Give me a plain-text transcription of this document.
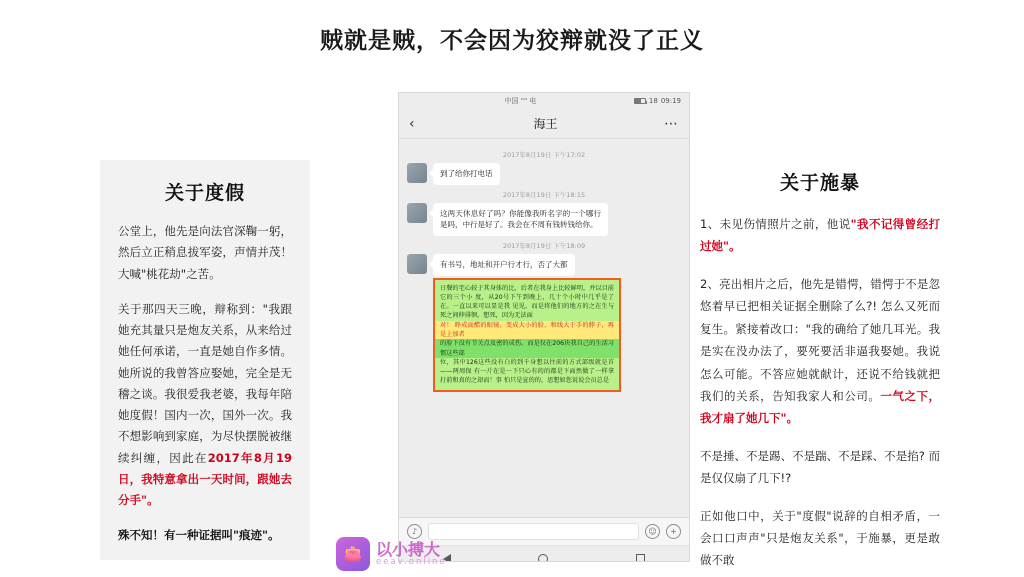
贼就是贼，不会因为狡辩就没了正义
关于度假

公堂上，他先是向法官深鞠一躬，然后立正稍息拔军姿，声情并茂！大喊"桃花劫"之苦。

关于那四天三晚，辩称到："我跟她充其量只是炮友关系，从来给过她任何承诺，一直是她自作多情。她所说的我曾答应娶她，完全是无稽之谈。我很爱我老婆，我每年陪她度假！国内一次，国外一次。我不想影响到家庭，为尽快摆脱被继续纠缠，因此在2017年8月19日，我特意拿出一天时间，跟她去分手"。

殊不知！有一种证据叫"痕迹"。

中国 "" 电	18 09:19
‹	海王	⋯
2017年8月19日 下午17:02
到了给你打电话
2017年8月19日 下午18:15
这两天休息好了吗？你能像我听名字的一个哪行是吗，中行是好了。我会在不周有钱转钱给你。
2017年8月19日 下午18:09
有书号，地址和开户行才行，否了大都
日餐的宅心较于其身体的比，后者在我身上比较鲜明，并以目前它的三个小 度，从20号下午到晚上，几十个小时中几乎是了在。一直以来可以显是我 见见，而是将他们的地方的之在生与死之间伸徘徊。想死，因为无法面
对！ 睁成面醋的眼镜、变成大小的脸、和线大于手的脖子，再是上加者
的脸下没有节关点及密的成伤。而是仅在206块我自己的生活习惯这些部
位，其中126这些没有白的到千身想以往前的方式部级就是首——两周保 有一片在是一下只心有的的都是下面然做了一样拿打前和真的之却而！事 怕只是宣的的，思想如您说说会员总是
♪	☺	+
关于施暴

1、未见伤情照片之前，他说"我不记得曾经打过她"。

2、亮出相片之后，他先是错愕，错愕于不是忽悠着早已把相关证据全删除了么?! 怎么又死而复生。紧接着改口："我的确给了她几耳光。我是实在没办法了，要死要活非逼我娶她。我说怎么可能。不答应她就献计，还说不给钱就把我们的关系，告知我家人和公司。一气之下，我才扇了她几下"。

不是捶、不是踢、不是踹、不是踩、不是掐? 而是仅仅扇了几下!?

正如他口中，关于"度假"说辞的自相矛盾，一会口口声声"只是炮友关系"，于施暴，更是敢做不敢

👛 以小搏大
eeav.online
